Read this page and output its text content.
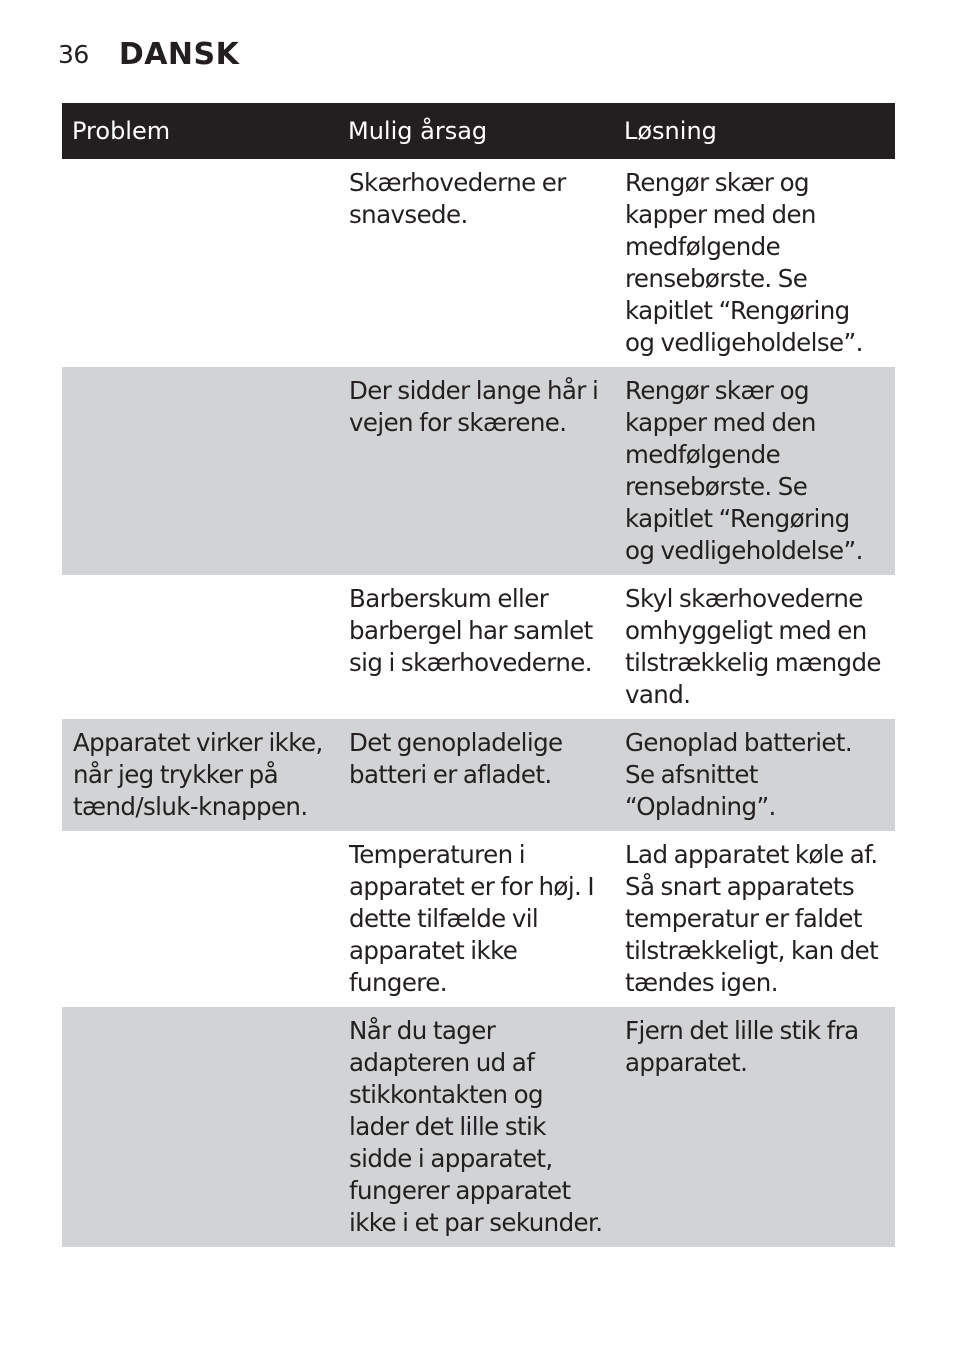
36 DANSK
Problem	Mulig årsag	Løsning
	Skærhovederne er snavsede.	Rengør skær og kapper med den medfølgende rensebørste. Se kapitlet “Rengøring og vedligeholdelse”.
	Der sidder lange hår i vejen for skærene.	Rengør skær og kapper med den medfølgende rensebørste. Se kapitlet “Rengøring og vedligeholdelse”.
	Barberskum eller barbergel har samlet sig i skærhovederne.	Skyl skærhovederne omhyggeligt med en tilstrækkelig mængde vand.
Apparatet virker ikke, når jeg trykker på tænd/sluk-knappen.	Det genopladelige batteri er afladet.	Genoplad batteriet. Se afsnittet “Opladning”.
	Temperaturen i apparatet er for høj. I dette tilfælde vil apparatet ikke fungere.	Lad apparatet køle af. Så snart apparatets temperatur er faldet tilstrækkeligt, kan det tændes igen.
	Når du tager adapteren ud af stikkontakten og lader det lille stik sidde i apparatet, fungerer apparatet ikke i et par sekunder.	Fjern det lille stik fra apparatet.
